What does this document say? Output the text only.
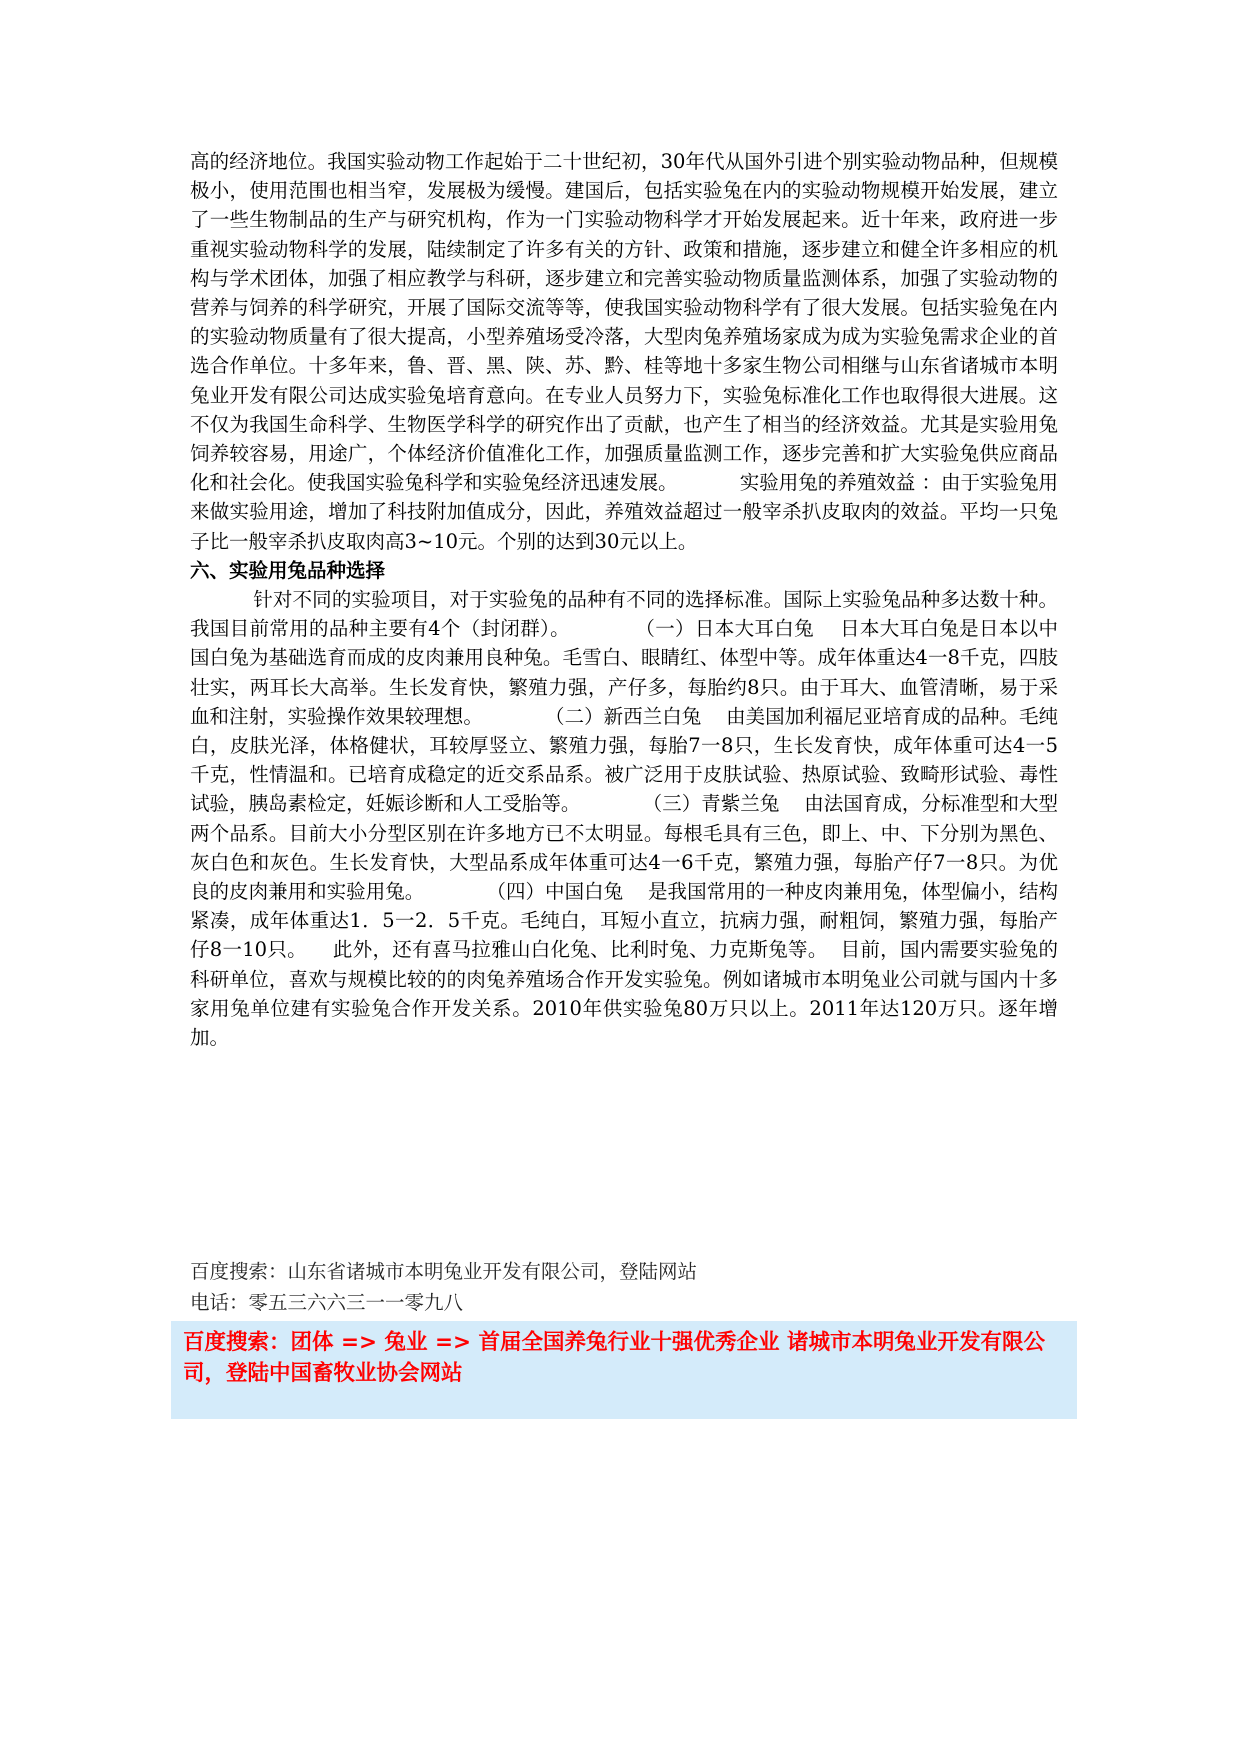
高的经济地位。我国实验动物工作起始于二十世纪初，30年代从国外引进个别实验动物品种，但规模极小，使用范围也相当窄，发展极为缓慢。建国后，包括实验兔在内的实验动物规模开始发展，建立了一些生物制品的生产与研究机构，作为一门实验动物科学才开始发展起来。近十年来，政府进一步重视实验动物科学的发展，陆续制定了许多有关的方针、政策和措施，逐步建立和健全许多相应的机构与学术团体，加强了相应教学与科研，逐步建立和完善实验动物质量监测体系，加强了实验动物的营养与饲养的科学研究，开展了国际交流等等，使我国实验动物科学有了很大发展。包括实验兔在内的实验动物质量有了很大提高，小型养殖场受冷落，大型肉兔养殖场家成为成为实验兔需求企业的首选合作单位。十多年来，鲁、晋、黑、陕、苏、黔、桂等地十多家生物公司相继与山东省诸城市本明兔业开发有限公司达成实验兔培育意向。在专业人员努力下，实验兔标准化工作也取得很大进展。这不仅为我国生命科学、生物医学科学的研究作出了贡献，也产生了相当的经济效益。尤其是实验用兔饲养较容易，用途广，个体经济价值准化工作，加强质量监测工作，逐步完善和扩大实验兔供应商品化和社会化。使我国实验兔科学和实验兔经济迅速发展。          实验用兔的养殖效益 ：由于实验兔用来做实验用途，增加了科技附加值成分，因此，养殖效益超过一般宰杀扒皮取肉的效益。平均一只兔子比一般宰杀扒皮取肉高3~10元。个别的达到30元以上。

六、实验用兔品种选择

针对不同的实验项目，对于实验兔的品种有不同的选择标准。国际上实验兔品种多达数十种。我国目前常用的品种主要有4个（封闭群）。          （一）日本大耳白兔    日本大耳白兔是日本以中国白兔为基础选育而成的皮肉兼用良种兔。毛雪白、眼睛红、体型中等。成年体重达4一8千克，四肢壮实，两耳长大高举。生长发育快，繁殖力强，产仔多，每胎约8只。由于耳大、血管清晰，易于采血和注射，实验操作效果较理想。          （二）新西兰白兔    由美国加利福尼亚培育成的品种。毛纯白，皮肤光泽，体格健状，耳较厚竖立、繁殖力强，每胎7一8只，生长发育快，成年体重可达4一5千克，性情温和。已培育成稳定的近交系品系。被广泛用于皮肤试验、热原试验、致畸形试验、毒性试验，胰岛素检定，妊娠诊断和人工受胎等。          （三）青紫兰兔    由法国育成，分标准型和大型两个品系。目前大小分型区别在许多地方已不太明显。每根毛具有三色，即上、中、下分别为黑色、灰白色和灰色。生长发育快，大型品系成年体重可达4一6千克，繁殖力强，每胎产仔7一8只。为优良的皮肉兼用和实验用兔。          （四）中国白兔    是我国常用的一种皮肉兼用兔，体型偏小，结构紧凑，成年体重达1．5一2．5千克。毛纯白，耳短小直立，抗病力强，耐粗饲，繁殖力强，每胎产仔8一10只。    此外，还有喜马拉雅山白化兔、比利时兔、力克斯兔等。  目前，国内需要实验兔的科研单位，喜欢与规模比较的的肉兔养殖场合作开发实验兔。例如诸城市本明兔业公司就与国内十多家用兔单位建有实验兔合作开发关系。2010年供实验兔80万只以上。2011年达120万只。逐年增加。

百度搜索：山东省诸城市本明兔业开发有限公司，登陆网站

电话：零五三六六三一一零九八

百度搜索：团体 => 兔业 => 首届全国养兔行业十强优秀企业 诸城市本明兔业开发有限公司，登陆中国畜牧业协会网站
